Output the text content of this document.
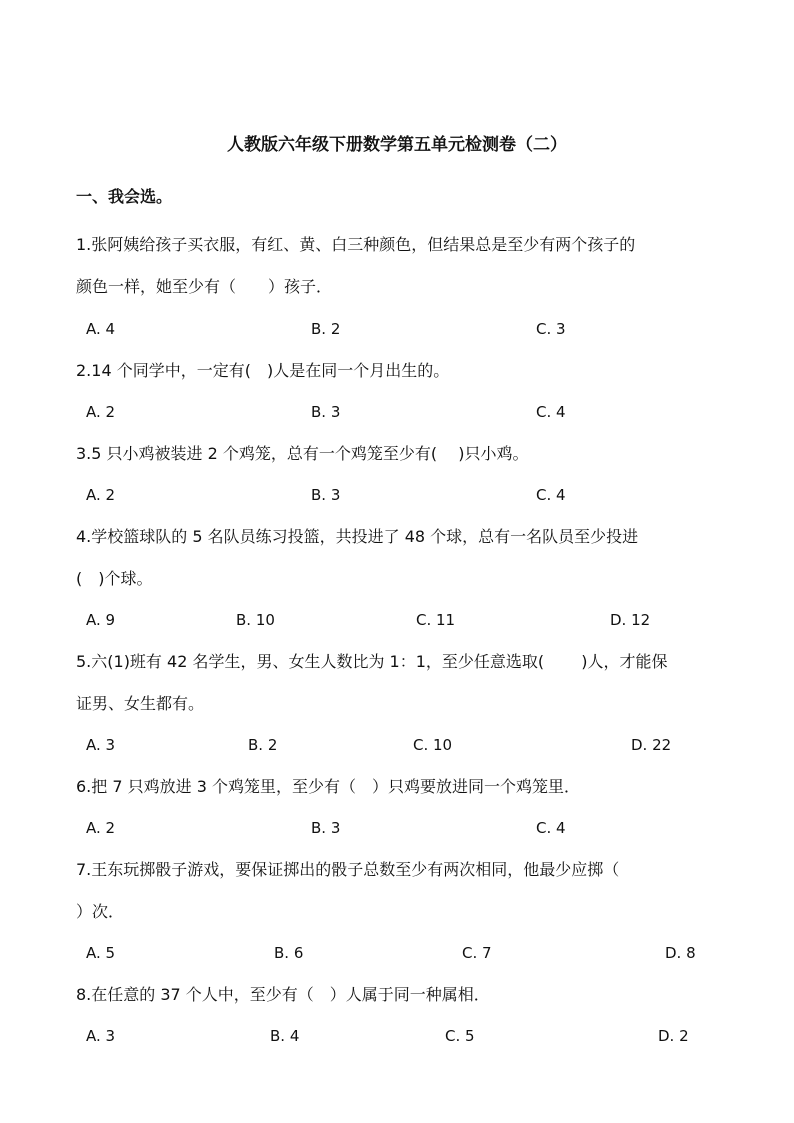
人教版六年级下册数学第五单元检测卷（二）
一、我会选。
1.张阿姨给孩子买衣服，有红、黄、白三种颜色，但结果总是至少有两个孩子的
颜色一样，她至少有（　　）孩子．
A. 4	B. 2	C. 3
2.14 个同学中，一定有(　)人是在同一个月出生的。
A. 2	B. 3	C. 4
3.5 只小鸡被装进 2 个鸡笼，总有一个鸡笼至少有(　 )只小鸡。
A. 2	B. 3	C. 4
4.学校篮球队的 5 名队员练习投篮，共投进了 48 个球，总有一名队员至少投进
(　)个球。
A. 9	B. 10	C. 11	D. 12
5.六(1)班有 42 名学生，男、女生人数比为 1：1，至少任意选取(　 　)人，才能保
证男、女生都有。
A. 3	B. 2	C. 10	D. 22
6.把 7 只鸡放进 3 个鸡笼里，至少有（　）只鸡要放进同一个鸡笼里．
A. 2	B. 3	C. 4
7.王东玩掷骰子游戏，要保证掷出的骰子总数至少有两次相同，他最少应掷（
）次．
A. 5	B. 6	C. 7	D. 8
8.在任意的 37 个人中，至少有（　）人属于同一种属相．
A. 3	B. 4	C. 5	D. 2
